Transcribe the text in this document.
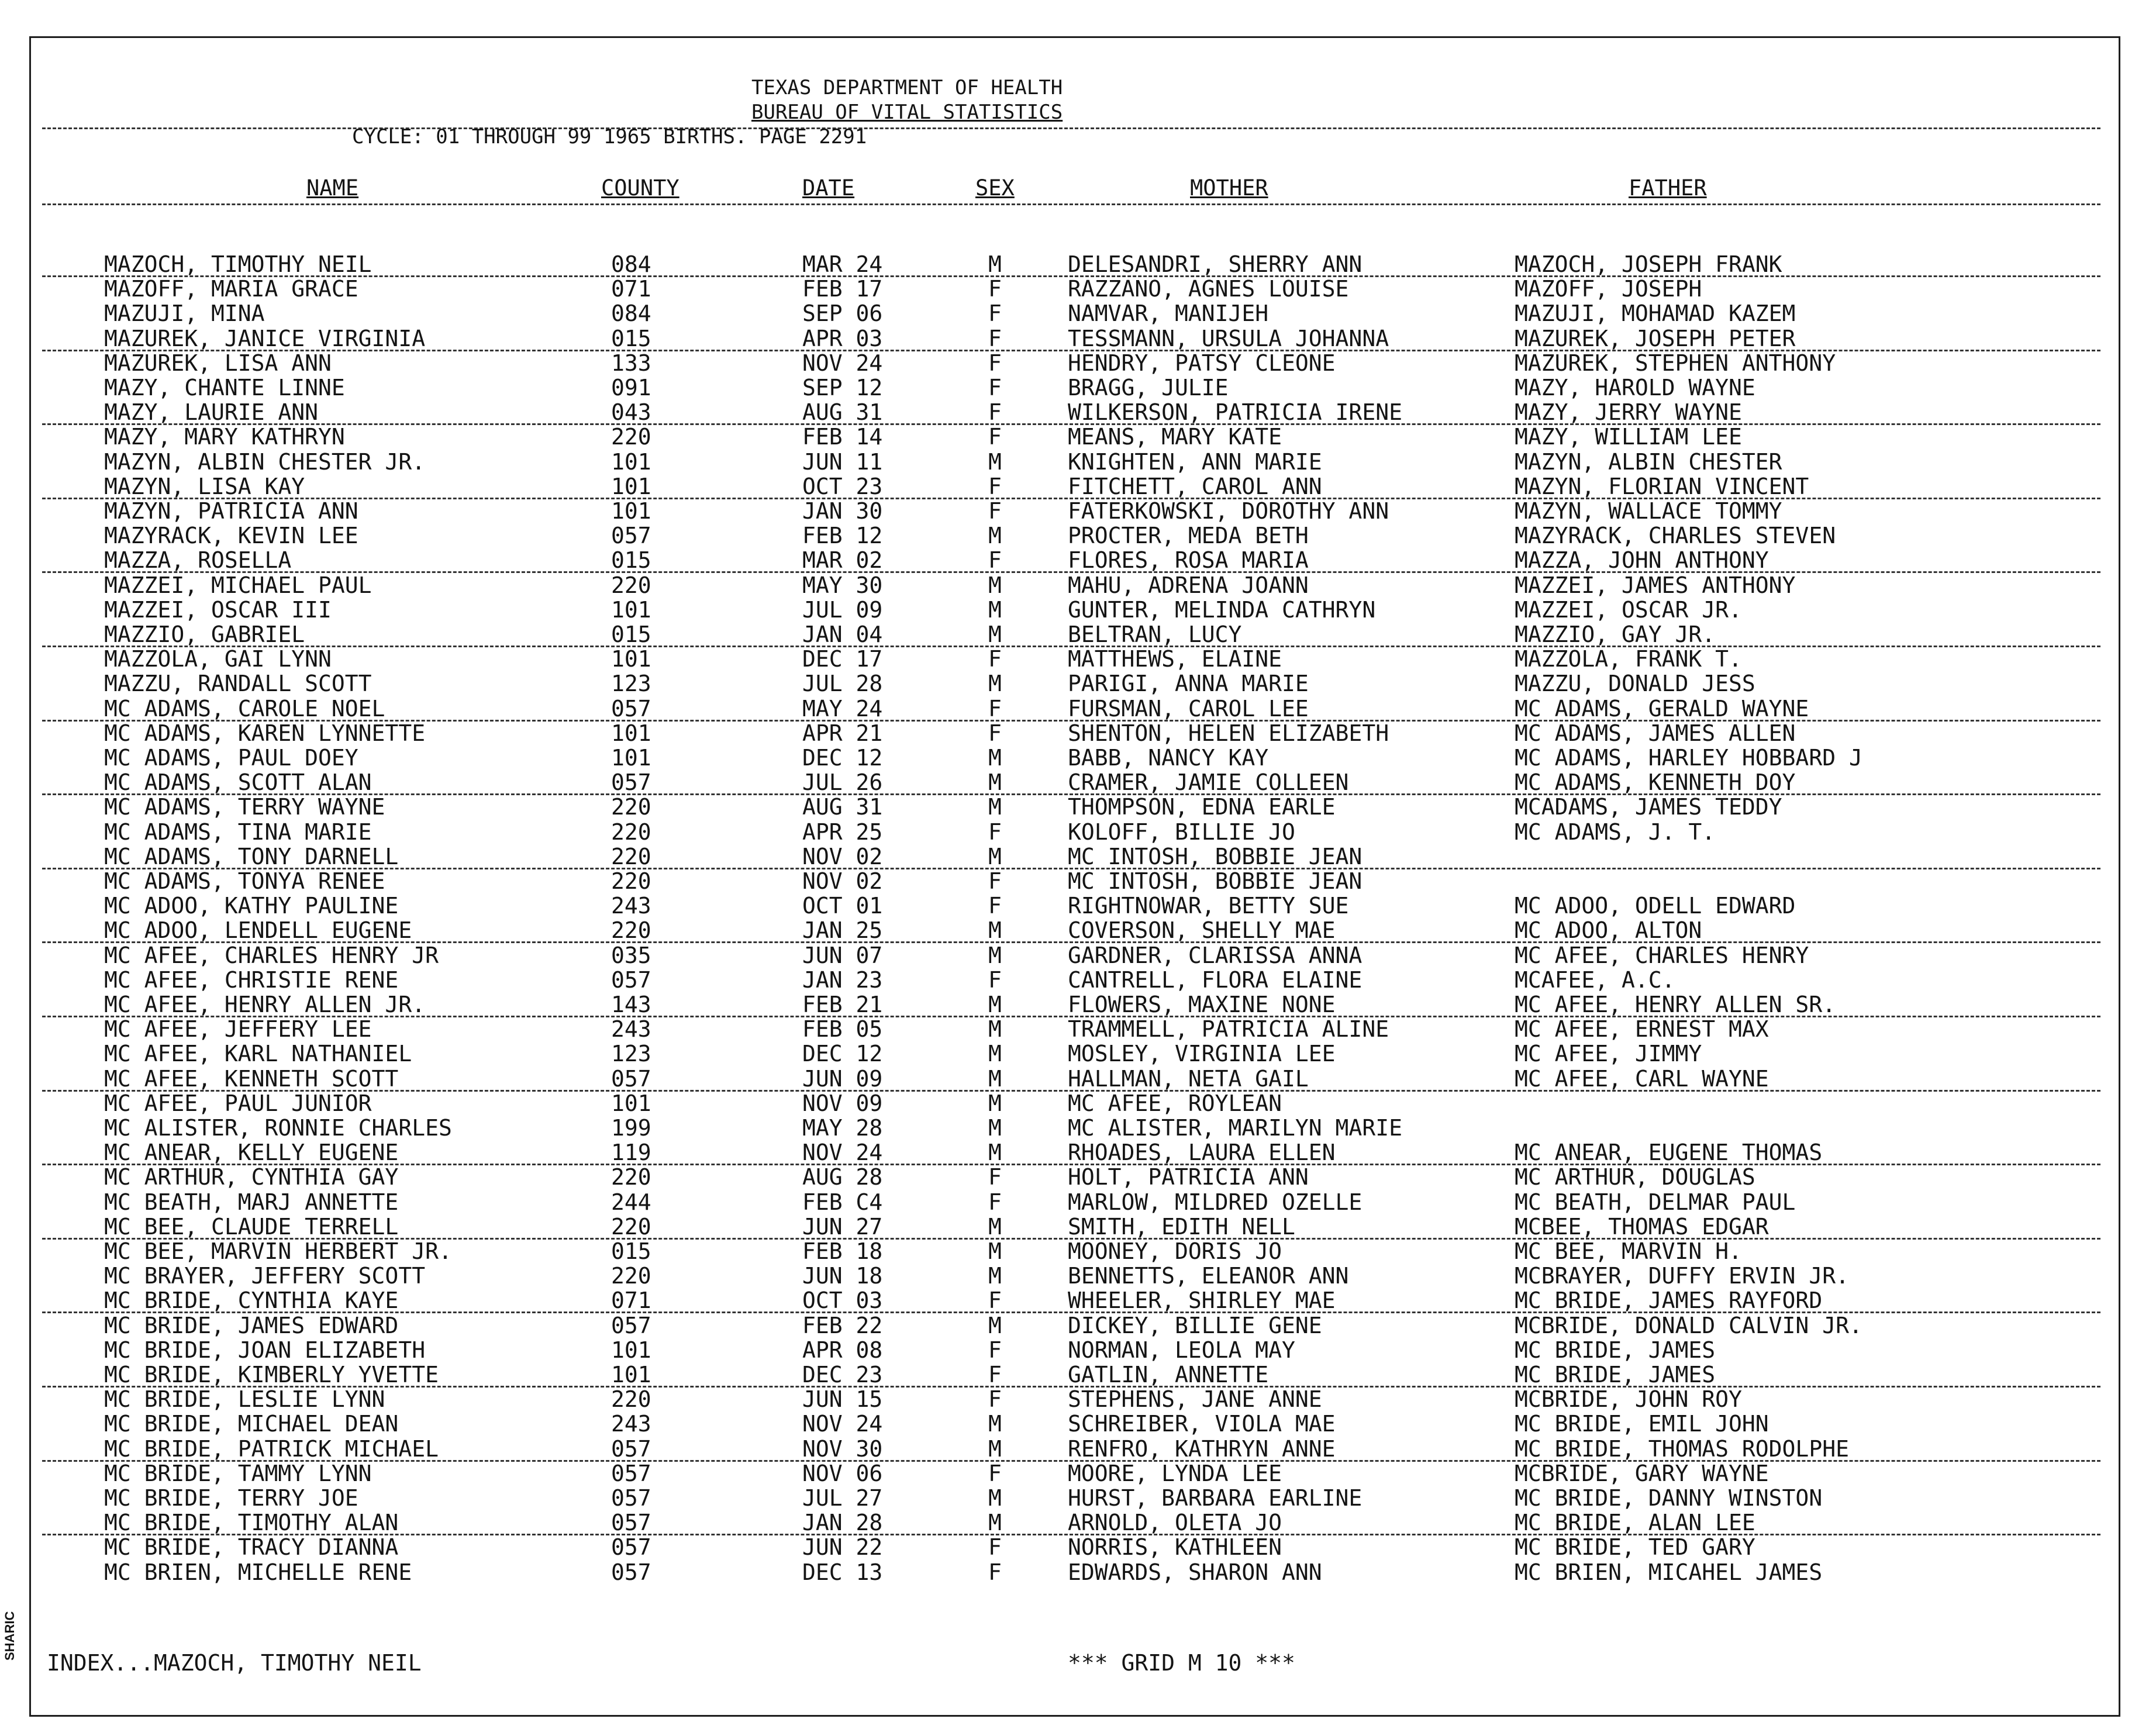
TEXAS DEPARTMENT OF HEALTH
BUREAU OF VITAL STATISTICS
CYCLE: 01 THROUGH 99 1965 BIRTHS. PAGE 2291
NAME	COUNTY	DATE	SEX	MOTHER	FATHER
MAZOCH, TIMOTHY NEIL	084	MAR 24	M	DELESANDRI, SHERRY ANN	MAZOCH, JOSEPH FRANK
MAZOFF, MARIA GRACE	071	FEB 17	F	RAZZANO, AGNES LOUISE	MAZOFF, JOSEPH
MAZUJI, MINA	084	SEP 06	F	NAMVAR, MANIJEH	MAZUJI, MOHAMAD KAZEM
MAZUREK, JANICE VIRGINIA	015	APR 03	F	TESSMANN, URSULA JOHANNA	MAZUREK, JOSEPH PETER
MAZUREK, LISA ANN	133	NOV 24	F	HENDRY, PATSY CLEONE	MAZUREK, STEPHEN ANTHONY
MAZY, CHANTE LINNE	091	SEP 12	F	BRAGG, JULIE	MAZY, HAROLD WAYNE
MAZY, LAURIE ANN	043	AUG 31	F	WILKERSON, PATRICIA IRENE	MAZY, JERRY WAYNE
MAZY, MARY KATHRYN	220	FEB 14	F	MEANS, MARY KATE	MAZY, WILLIAM LEE
MAZYN, ALBIN CHESTER JR.	101	JUN 11	M	KNIGHTEN, ANN MARIE	MAZYN, ALBIN CHESTER
MAZYN, LISA KAY	101	OCT 23	F	FITCHETT, CAROL ANN	MAZYN, FLORIAN VINCENT
MAZYN, PATRICIA ANN	101	JAN 30	F	FATERKOWSKI, DOROTHY ANN	MAZYN, WALLACE TOMMY
MAZYRACK, KEVIN LEE	057	FEB 12	M	PROCTER, MEDA BETH	MAZYRACK, CHARLES STEVEN
MAZZA, ROSELLA	015	MAR 02	F	FLORES, ROSA MARIA	MAZZA, JOHN ANTHONY
MAZZEI, MICHAEL PAUL	220	MAY 30	M	MAHU, ADRENA JOANN	MAZZEI, JAMES ANTHONY
MAZZEI, OSCAR III	101	JUL 09	M	GUNTER, MELINDA CATHRYN	MAZZEI, OSCAR JR.
MAZZIO, GABRIEL	015	JAN 04	M	BELTRAN, LUCY	MAZZIO, GAY JR.
MAZZOLA, GAI LYNN	101	DEC 17	F	MATTHEWS, ELAINE	MAZZOLA, FRANK T.
MAZZU, RANDALL SCOTT	123	JUL 28	M	PARIGI, ANNA MARIE	MAZZU, DONALD JESS
MC ADAMS, CAROLE NOEL	057	MAY 24	F	FURSMAN, CAROL LEE	MC ADAMS, GERALD WAYNE
MC ADAMS, KAREN LYNNETTE	101	APR 21	F	SHENTON, HELEN ELIZABETH	MC ADAMS, JAMES ALLEN
MC ADAMS, PAUL DOEY	101	DEC 12	M	BABB, NANCY KAY	MC ADAMS, HARLEY HOBBARD J
MC ADAMS, SCOTT ALAN	057	JUL 26	M	CRAMER, JAMIE COLLEEN	MC ADAMS, KENNETH DOY
MC ADAMS, TERRY WAYNE	220	AUG 31	M	THOMPSON, EDNA EARLE	MCADAMS, JAMES TEDDY
MC ADAMS, TINA MARIE	220	APR 25	F	KOLOFF, BILLIE JO	MC ADAMS, J. T.
MC ADAMS, TONY DARNELL	220	NOV 02	M	MC INTOSH, BOBBIE JEAN
MC ADAMS, TONYA RENEE	220	NOV 02	F	MC INTOSH, BOBBIE JEAN
MC ADOO, KATHY PAULINE	243	OCT 01	F	RIGHTNOWAR, BETTY SUE	MC ADOO, ODELL EDWARD
MC ADOO, LENDELL EUGENE	220	JAN 25	M	COVERSON, SHELLY MAE	MC ADOO, ALTON
MC AFEE, CHARLES HENRY JR	035	JUN 07	M	GARDNER, CLARISSA ANNA	MC AFEE, CHARLES HENRY
MC AFEE, CHRISTIE RENE	057	JAN 23	F	CANTRELL, FLORA ELAINE	MCAFEE, A.C.
MC AFEE, HENRY ALLEN JR.	143	FEB 21	M	FLOWERS, MAXINE NONE	MC AFEE, HENRY ALLEN SR.
MC AFEE, JEFFERY LEE	243	FEB 05	M	TRAMMELL, PATRICIA ALINE	MC AFEE, ERNEST MAX
MC AFEE, KARL NATHANIEL	123	DEC 12	M	MOSLEY, VIRGINIA LEE	MC AFEE, JIMMY
MC AFEE, KENNETH SCOTT	057	JUN 09	M	HALLMAN, NETA GAIL	MC AFEE, CARL WAYNE
MC AFEE, PAUL JUNIOR	101	NOV 09	M	MC AFEE, ROYLEAN
MC ALISTER, RONNIE CHARLES	199	MAY 28	M	MC ALISTER, MARILYN MARIE
MC ANEAR, KELLY EUGENE	119	NOV 24	M	RHOADES, LAURA ELLEN	MC ANEAR, EUGENE THOMAS
MC ARTHUR, CYNTHIA GAY	220	AUG 28	F	HOLT, PATRICIA ANN	MC ARTHUR, DOUGLAS
MC BEATH, MARJ ANNETTE	244	FEB C4	F	MARLOW, MILDRED OZELLE	MC BEATH, DELMAR PAUL
MC BEE, CLAUDE TERRELL	220	JUN 27	M	SMITH, EDITH NELL	MCBEE, THOMAS EDGAR
MC BEE, MARVIN HERBERT JR.	015	FEB 18	M	MOONEY, DORIS JO	MC BEE, MARVIN H.
MC BRAYER, JEFFERY SCOTT	220	JUN 18	M	BENNETTS, ELEANOR ANN	MCBRAYER, DUFFY ERVIN JR.
MC BRIDE, CYNTHIA KAYE	071	OCT 03	F	WHEELER, SHIRLEY MAE	MC BRIDE, JAMES RAYFORD
MC BRIDE, JAMES EDWARD	057	FEB 22	M	DICKEY, BILLIE GENE	MCBRIDE, DONALD CALVIN JR.
MC BRIDE, JOAN ELIZABETH	101	APR 08	F	NORMAN, LEOLA MAY	MC BRIDE, JAMES
MC BRIDE, KIMBERLY YVETTE	101	DEC 23	F	GATLIN, ANNETTE	MC BRIDE, JAMES
MC BRIDE, LESLIE LYNN	220	JUN 15	F	STEPHENS, JANE ANNE	MCBRIDE, JOHN ROY
MC BRIDE, MICHAEL DEAN	243	NOV 24	M	SCHREIBER, VIOLA MAE	MC BRIDE, EMIL JOHN
MC BRIDE, PATRICK MICHAEL	057	NOV 30	M	RENFRO, KATHRYN ANNE	MC BRIDE, THOMAS RODOLPHE
MC BRIDE, TAMMY LYNN	057	NOV 06	F	MOORE, LYNDA LEE	MCBRIDE, GARY WAYNE
MC BRIDE, TERRY JOE	057	JUL 27	M	HURST, BARBARA EARLINE	MC BRIDE, DANNY WINSTON
MC BRIDE, TIMOTHY ALAN	057	JAN 28	M	ARNOLD, OLETA JO	MC BRIDE, ALAN LEE
MC BRIDE, TRACY DIANNA	057	JUN 22	F	NORRIS, KATHLEEN	MC BRIDE, TED GARY
MC BRIEN, MICHELLE RENE	057	DEC 13	F	EDWARDS, SHARON ANN	MC BRIEN, MICAHEL JAMES
INDEX...MAZOCH, TIMOTHY NEIL	*** GRID M 10 ***
SHARIC
